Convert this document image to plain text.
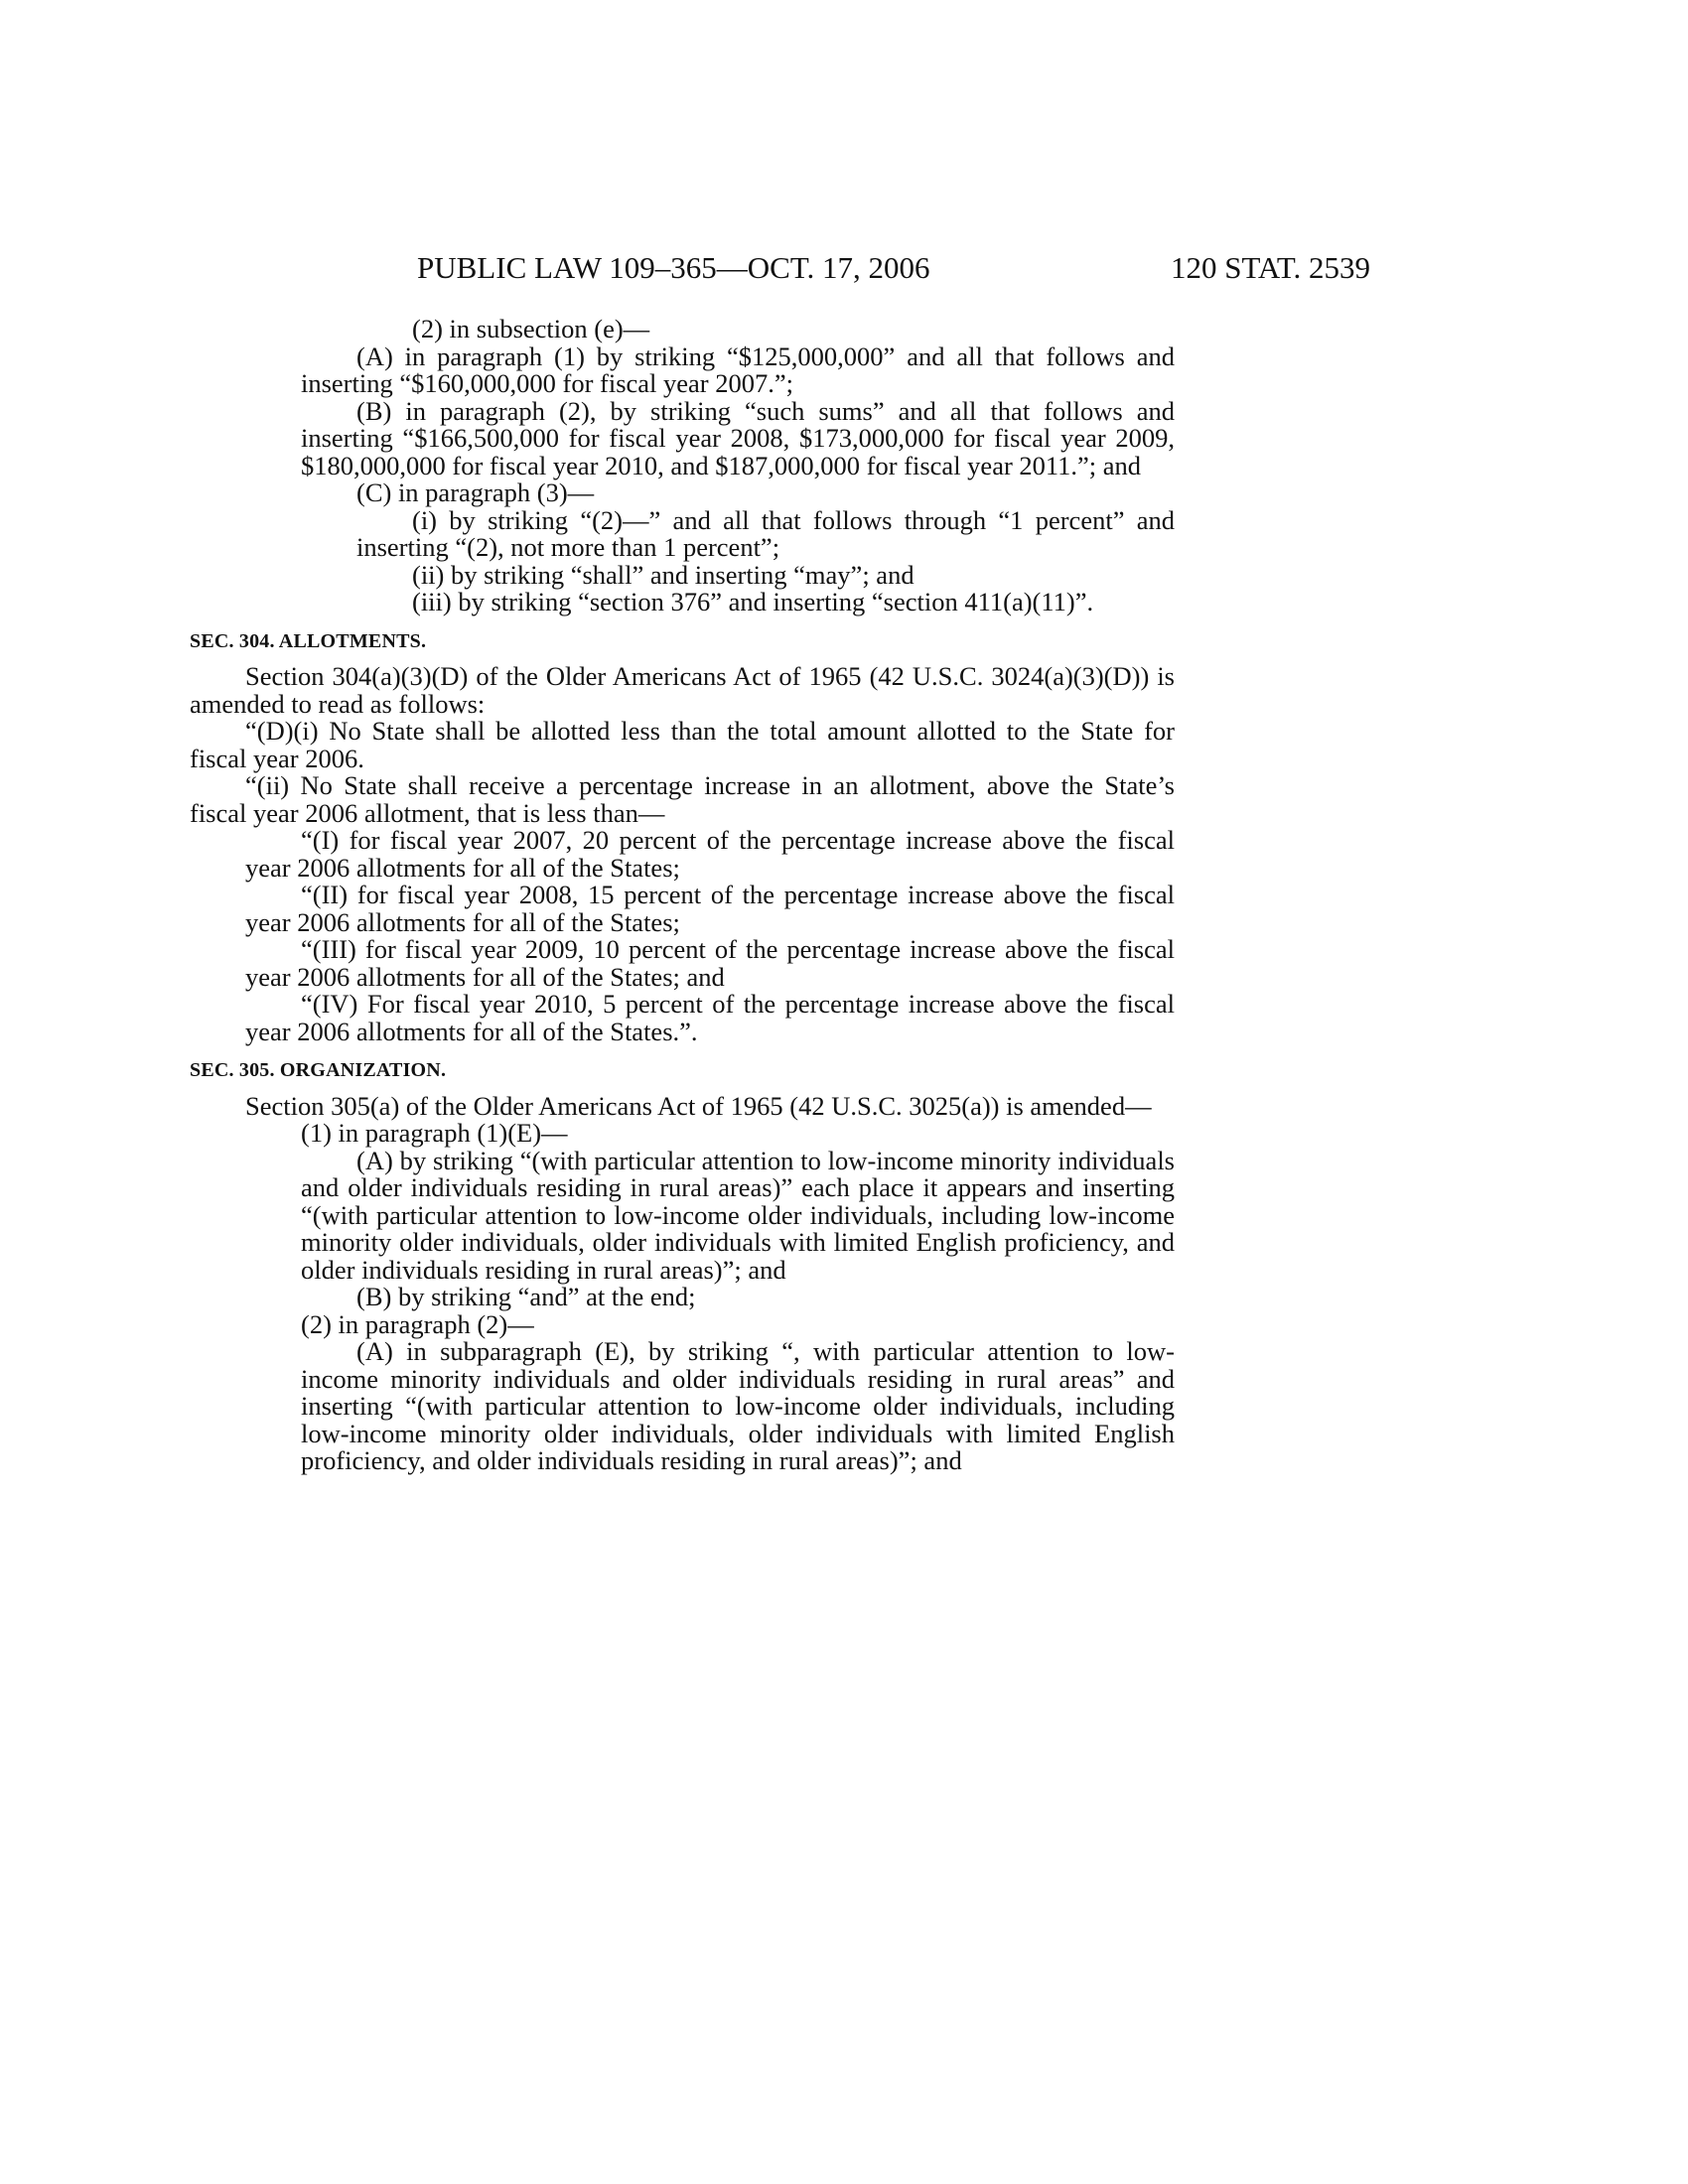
PUBLIC LAW 109–365—OCT. 17, 2006	120 STAT. 2539

(2) in subsection (e)—

(A) in paragraph (1) by striking “$125,000,000” and all that follows and inserting “$160,000,000 for fiscal year 2007.”;

(B) in paragraph (2), by striking “such sums” and all that follows and inserting “$166,500,000 for fiscal year 2008, $173,000,000 for fiscal year 2009, $180,000,000 for fiscal year 2010, and $187,000,000 for fiscal year 2011.”; and

(C) in paragraph (3)—

(i) by striking “(2)—” and all that follows through “1 percent” and inserting “(2), not more than 1 percent”;

(ii) by striking “shall” and inserting “may”; and

(iii) by striking “section 376” and inserting “section 411(a)(11)”.

SEC. 304. ALLOTMENTS.

Section 304(a)(3)(D) of the Older Americans Act of 1965 (42 U.S.C. 3024(a)(3)(D)) is amended to read as follows:

“(D)(i) No State shall be allotted less than the total amount allotted to the State for fiscal year 2006.

“(ii) No State shall receive a percentage increase in an allotment, above the State’s fiscal year 2006 allotment, that is less than—

“(I) for fiscal year 2007, 20 percent of the percentage increase above the fiscal year 2006 allotments for all of the States;

“(II) for fiscal year 2008, 15 percent of the percentage increase above the fiscal year 2006 allotments for all of the States;

“(III) for fiscal year 2009, 10 percent of the percentage increase above the fiscal year 2006 allotments for all of the States; and

“(IV) For fiscal year 2010, 5 percent of the percentage increase above the fiscal year 2006 allotments for all of the States.”.

SEC. 305. ORGANIZATION.

Section 305(a) of the Older Americans Act of 1965 (42 U.S.C. 3025(a)) is amended—

(1) in paragraph (1)(E)—

(A) by striking “(with particular attention to low-income minority individuals and older individuals residing in rural areas)” each place it appears and inserting “(with particular attention to low-income older individuals, including low-income minority older individuals, older individuals with limited English proficiency, and older individuals residing in rural areas)”; and

(B) by striking “and” at the end;

(2) in paragraph (2)—

(A) in subparagraph (E), by striking “, with particular attention to low-income minority individuals and older individuals residing in rural areas” and inserting “(with particular attention to low-income older individuals, including low-income minority older individuals, older individuals with limited English proficiency, and older individuals residing in rural areas)”; and
